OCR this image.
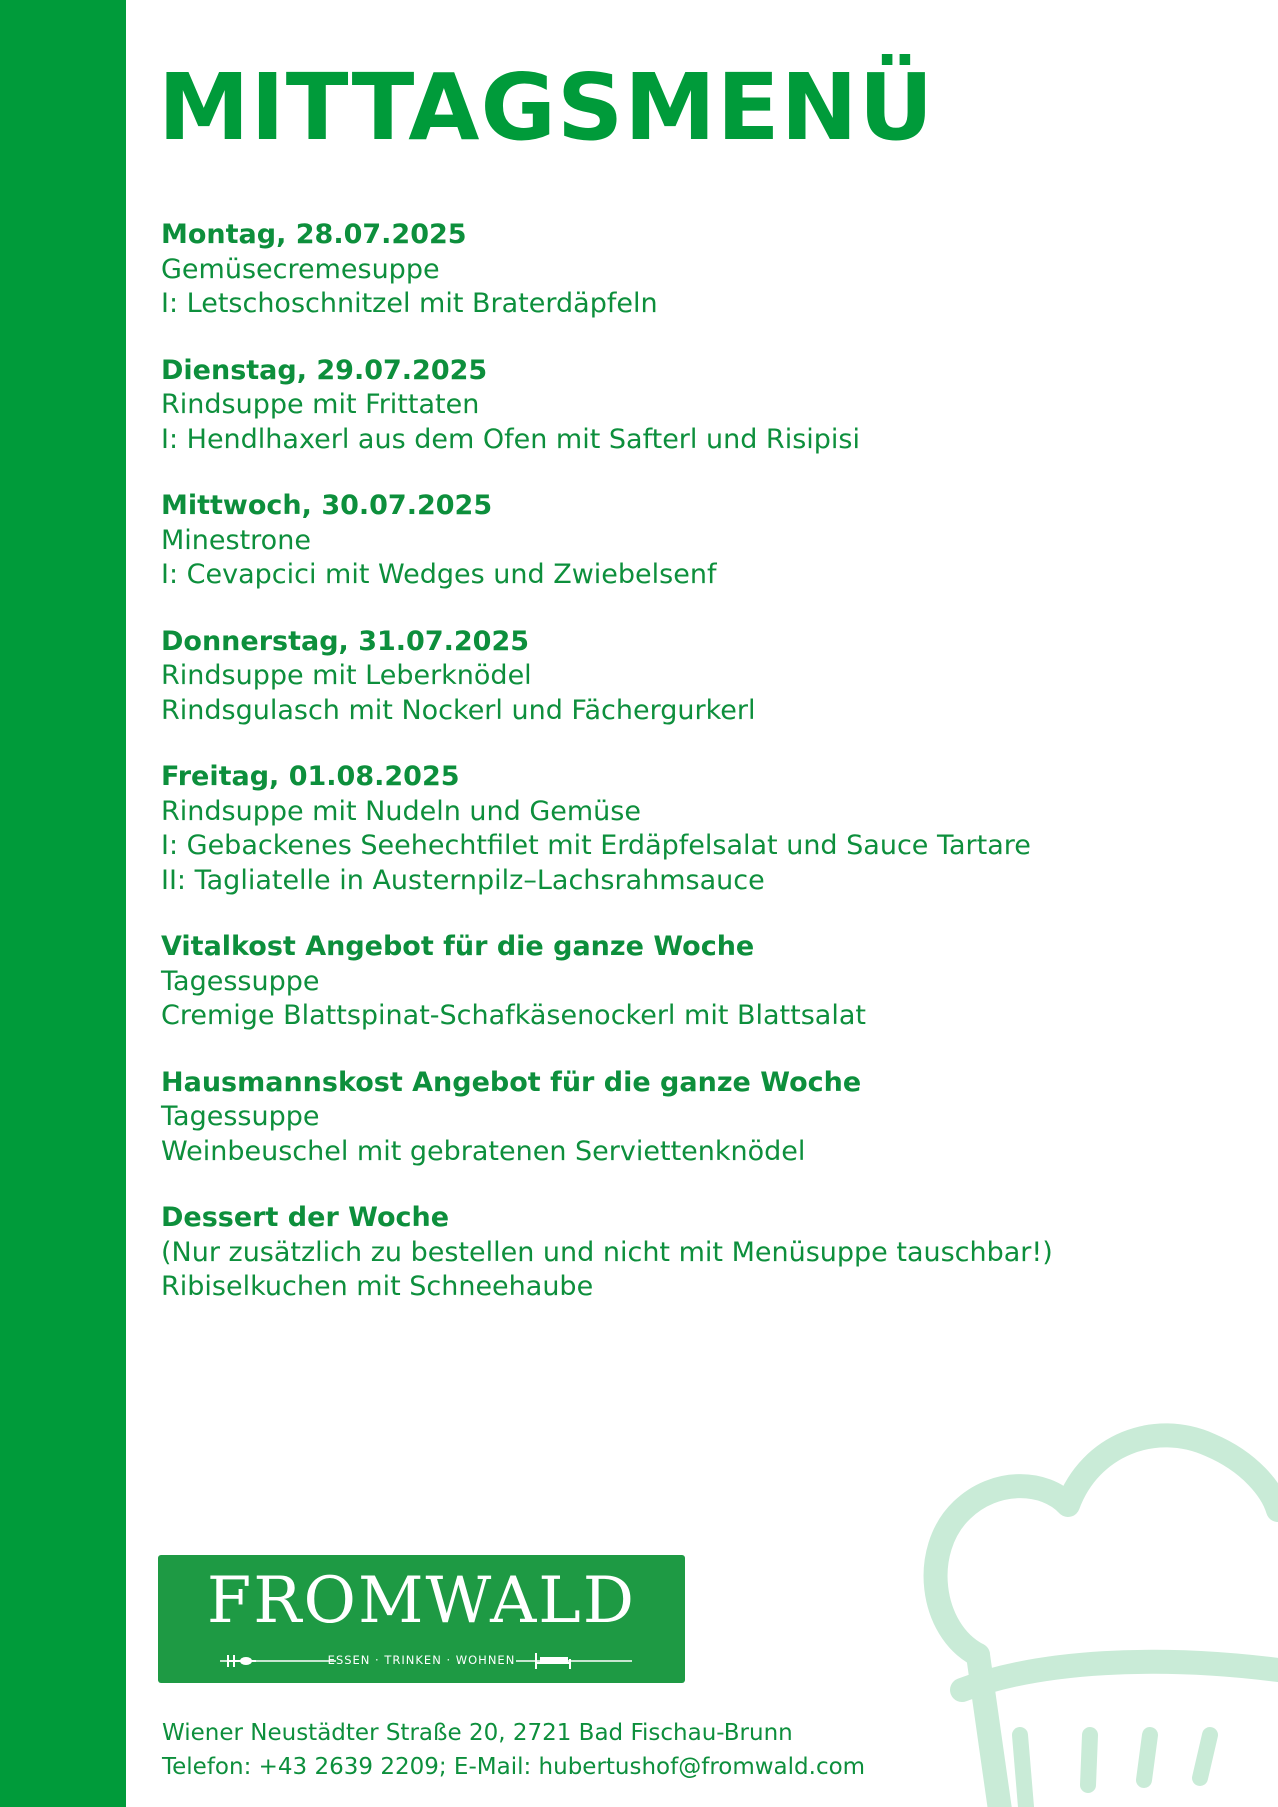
MITTAGSMENÜ
Montag, 28.07.2025
Gemüsecremesuppe
I: Letschoschnitzel mit Braterdäpfeln
Dienstag, 29.07.2025
Rindsuppe mit Frittaten
I: Hendlhaxerl aus dem Ofen mit Safterl und Risipisi
Mittwoch, 30.07.2025
Minestrone
I: Cevapcici mit Wedges und Zwiebelsenf
Donnerstag, 31.07.2025
Rindsuppe mit Leberknödel
Rindsgulasch mit Nockerl und Fächergurkerl
Freitag, 01.08.2025
Rindsuppe mit Nudeln und Gemüse
I: Gebackenes Seehechtfilet mit Erdäpfelsalat und Sauce Tartare
II: Tagliatelle in Austernpilz–Lachsrahmsauce
Vitalkost Angebot für die ganze Woche
Tagessuppe
Cremige Blattspinat-Schafkäsenockerl mit Blattsalat
Hausmannskost Angebot für die ganze Woche
Tagessuppe
Weinbeuschel mit gebratenen Serviettenknödel
Dessert der Woche
(Nur zusätzlich zu bestellen und nicht mit Menüsuppe tauschbar!)
Ribiselkuchen mit Schneehaube
FROMWALD
ESSEN · TRINKEN · WOHNEN
Wiener Neustädter Straße 20, 2721 Bad Fischau-Brunn
Telefon: +43 2639 2209; E-Mail: hubertushof@fromwald.com
